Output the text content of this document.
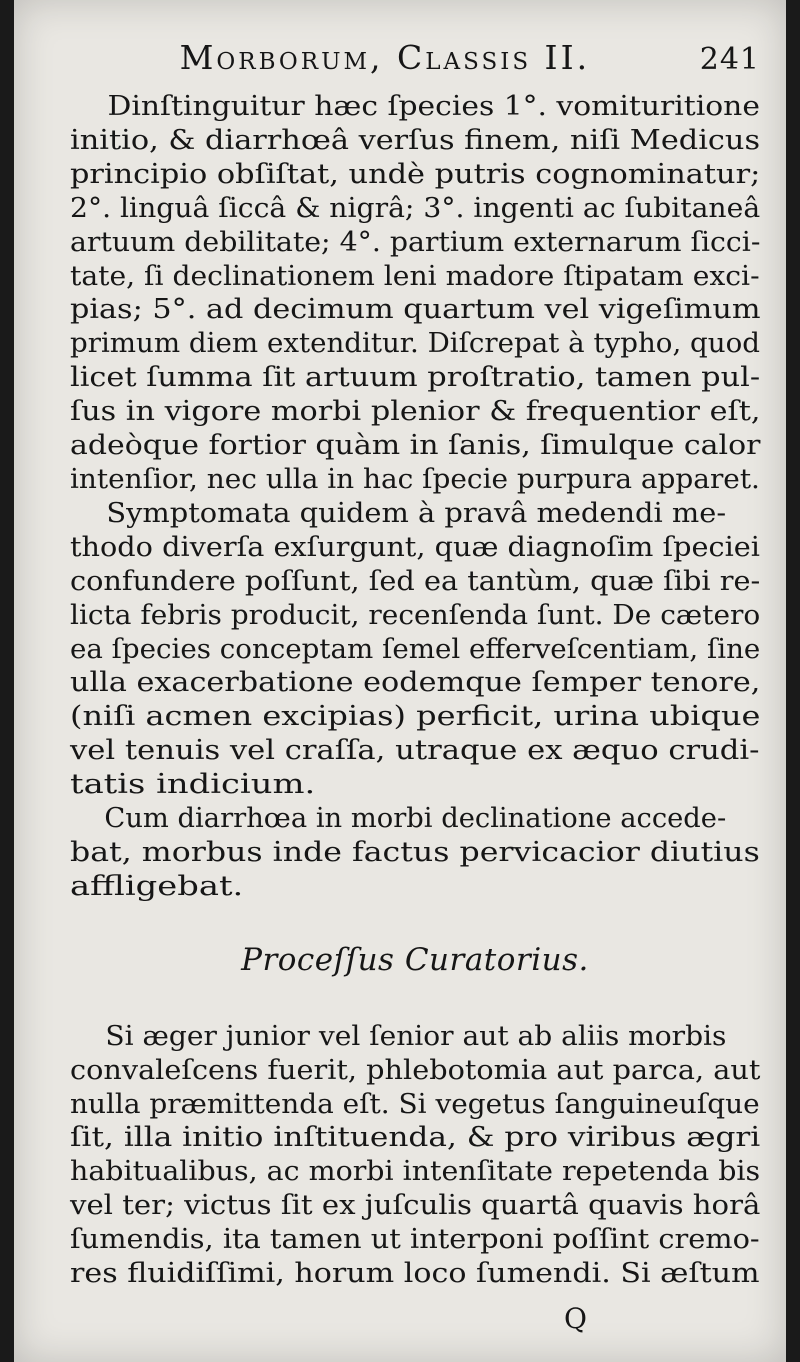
Morborum, Classis II.	241
Dinſtinguitur hæc ſpecies 1°. vomituritione
initio, & diarrhœâ verſus finem, niſi Medicus
principio obſiſtat, undè putris cognominatur;
2°. linguâ ſiccâ & nigrâ; 3°. ingenti ac ſubitaneâ
artuum debilitate; 4°. partium externarum ſicci-
tate, ſi declinationem leni madore ſtipatam exci-
pias; 5°. ad decimum quartum vel vigeſimum
primum diem extenditur. Diſcrepat à typho, quod
licet ſumma ſit artuum proſtratio, tamen pul-
ſus in vigore morbi plenior & frequentior eſt,
adeòque fortior quàm in ſanis, ſimulque calor
intenſior, nec ulla in hac ſpecie purpura apparet.
Symptomata quidem à pravâ medendi me-
thodo diverſa exſurgunt, quæ diagnoſim ſpeciei
confundere poſſunt, ſed ea tantùm, quæ ſibi re-
licta febris producit, recenſenda ſunt. De cætero
ea ſpecies conceptam ſemel efferveſcentiam, ſine
ulla exacerbatione eodemque ſemper tenore,
(niſi acmen excipias) perficit, urina ubique
vel tenuis vel craſſa, utraque ex æquo crudi-
tatis indicium.
Cum diarrhœa in morbi declinatione accede-
bat, morbus inde factus pervicacior diutius
affligebat.
Proceſſus Curatorius.
Si æger junior vel ſenior aut ab aliis morbis
convaleſcens fuerit, phlebotomia aut parca, aut
nulla præmittenda eſt. Si vegetus ſanguineuſque
ſit, illa initio inſtituenda, & pro viribus ægri
habitualibus, ac morbi intenſitate repetenda bis
vel ter; victus ſit ex juſculis quartâ quavis horâ
ſumendis, ita tamen ut interponi poſſint cremo-
res fluidiſſimi, horum loco ſumendi. Si æſtum
Q
